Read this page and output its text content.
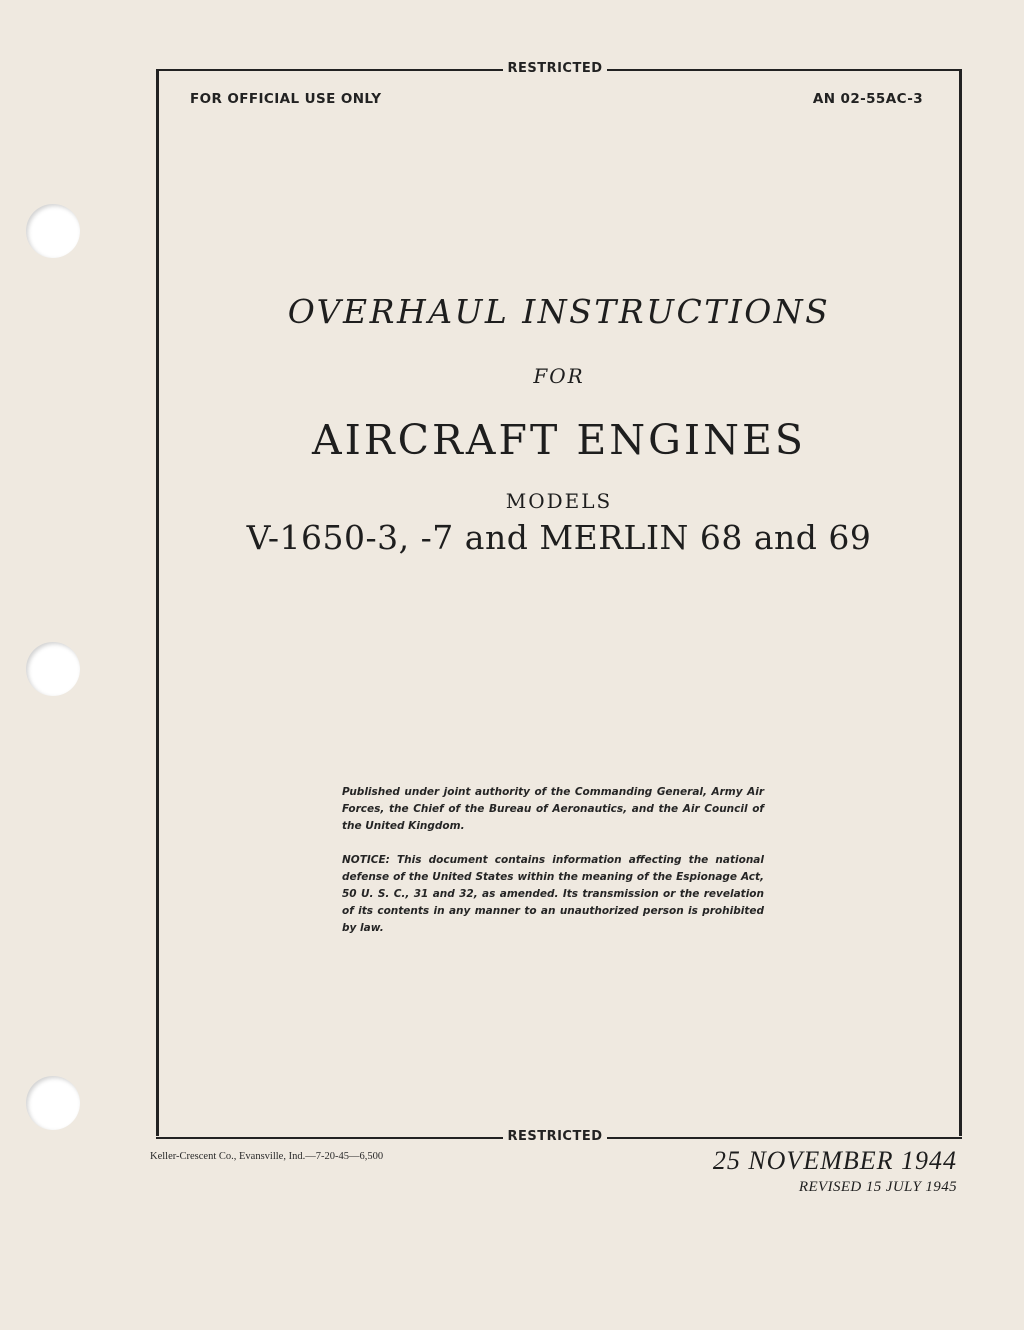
RESTRICTED
RESTRICTED
FOR OFFICIAL USE ONLY	AN 02-55AC-3
OVERHAUL INSTRUCTIONS
FOR
AIRCRAFT ENGINES
MODELS
V-1650-3, -7 and MERLIN 68 and 69
Published under joint authority of the Commanding General, Army Air Forces, the Chief of the Bureau of Aeronautics, and the Air Council of the United Kingdom.
NOTICE: This document contains information affecting the national defense of the United States within the meaning of the Espionage Act, 50 U. S. C., 31 and 32, as amended. Its transmission or the revelation of its contents in any manner to an unauthorized person is prohibited by law.
Keller-Crescent Co., Evansville, Ind.—7-20-45—6,500	25 NOVEMBER 1944
REVISED 15 JULY 1945
